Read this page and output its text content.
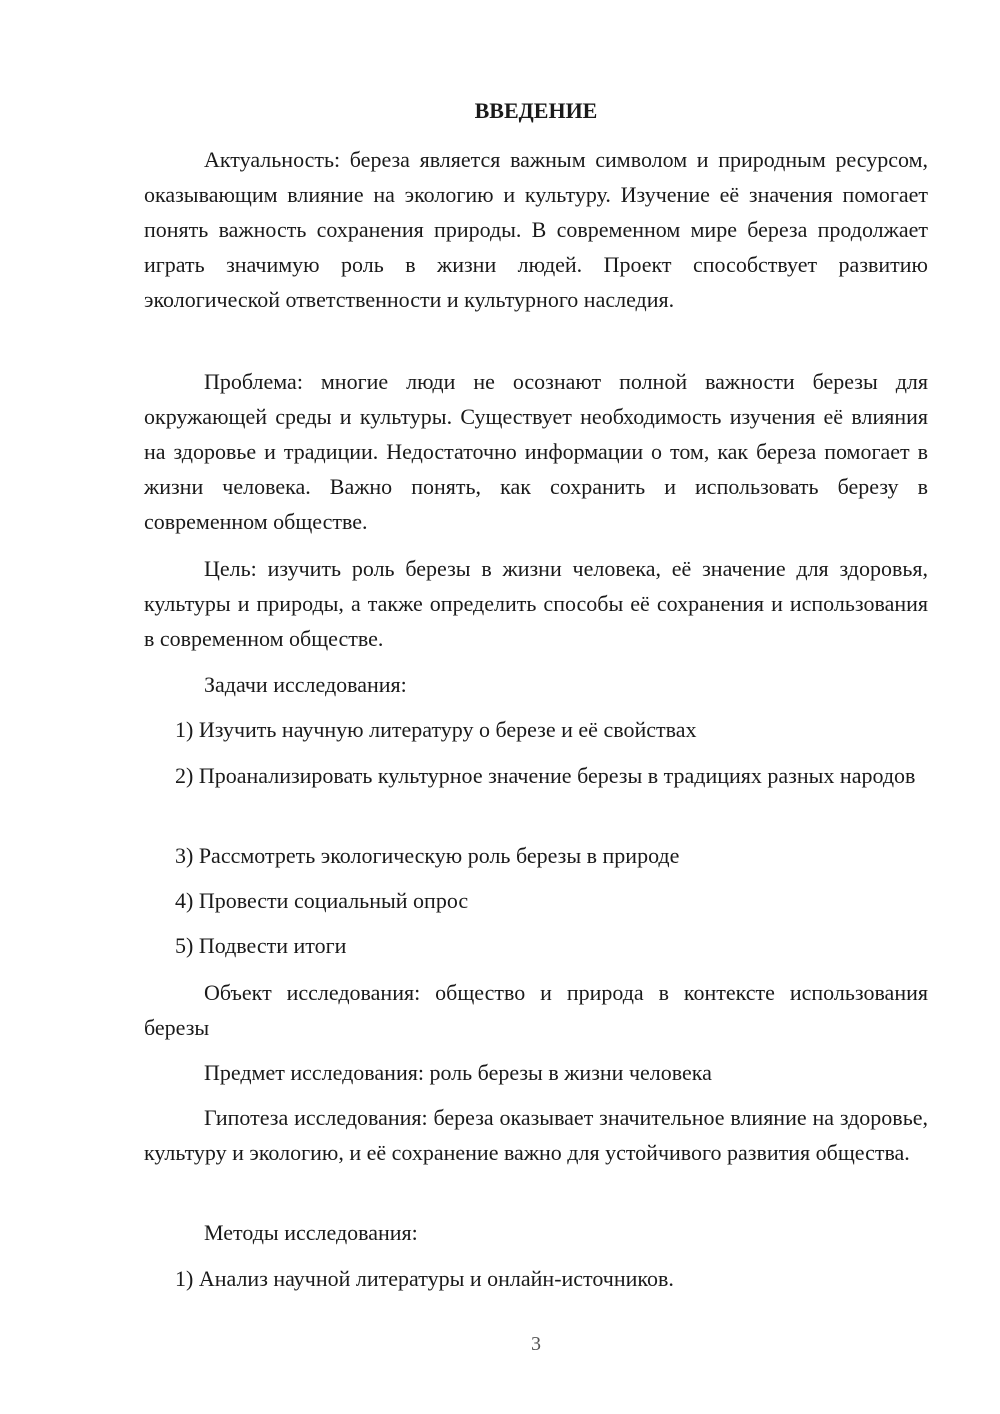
ВВЕДЕНИЕ

Актуальность: береза является важным символом и природным ресурсом, оказывающим влияние на экологию и культуру. Изучение её значения помогает понять важность сохранения природы. В современном мире береза продолжает играть значимую роль в жизни людей. Проект способствует развитию экологической ответственности и культурного наследия.

Проблема: многие люди не осознают полной важности березы для окружающей среды и культуры. Существует необходимость изучения её влияния на здоровье и традиции. Недостаточно информации о том, как береза помогает в жизни человека. Важно понять, как сохранить и использовать березу в современном обществе.

Цель: изучить роль березы в жизни человека, её значение для здоровья, культуры и природы, а также определить способы её сохранения и использования в современном обществе.

Задачи исследования:

1) Изучить научную литературу о березе и её свойствах

2) Проанализировать культурное значение березы в традициях разных народов

3) Рассмотреть экологическую роль березы в природе

4) Провести социальный опрос

5) Подвести итоги

Объект исследования: общество и природа в контексте использования березы

Предмет исследования: роль березы в жизни человека

Гипотеза исследования: береза оказывает значительное влияние на здоровье, культуру и экологию, и её сохранение важно для устойчивого развития общества.

Методы исследования:

1) Анализ научной литературы и онлайн-источников.

3
